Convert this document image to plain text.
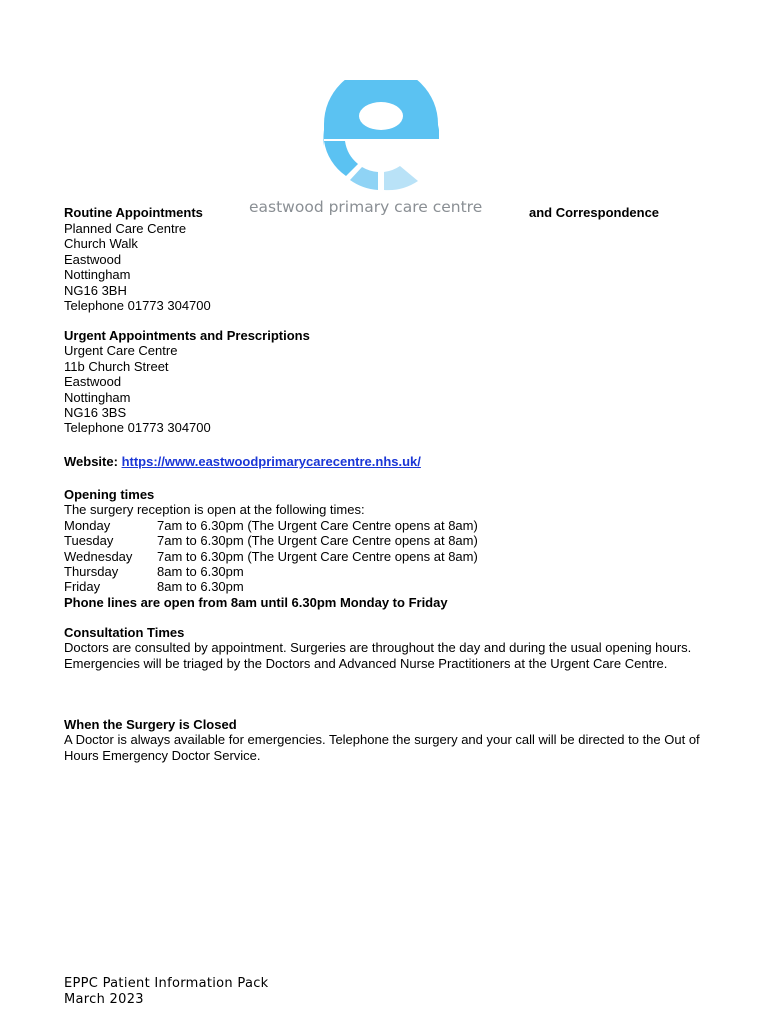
eastwood primary care centre
Routine Appointments	and Correspondence
Planned Care Centre
Church Walk
Eastwood
Nottingham
NG16 3BH
Telephone 01773 304700
Urgent Appointments and Prescriptions
Urgent Care Centre
11b Church Street
Eastwood
Nottingham
NG16 3BS
Telephone 01773 304700
Website: https://www.eastwoodprimarycarecentre.nhs.uk/
Opening times
The surgery reception is open at the following times:
Monday	7am to 6.30pm (The Urgent Care Centre opens at 8am)
Tuesday	7am to 6.30pm (The Urgent Care Centre opens at 8am)
Wednesday 7am to 6.30pm (The Urgent Care Centre opens at 8am)
Thursday	8am to 6.30pm
Friday	8am to 6.30pm
Phone lines are open from 8am until 6.30pm Monday to Friday
Consultation Times
Doctors are consulted by appointment. Surgeries are throughout the day and during the usual opening hours.
Emergencies will be triaged by the Doctors and Advanced Nurse Practitioners at the Urgent Care Centre.
When the Surgery is Closed
A Doctor is always available for emergencies. Telephone the surgery and your call will be directed to the Out of Hours Emergency Doctor Service.
EPPC Patient Information Pack
March 2023
